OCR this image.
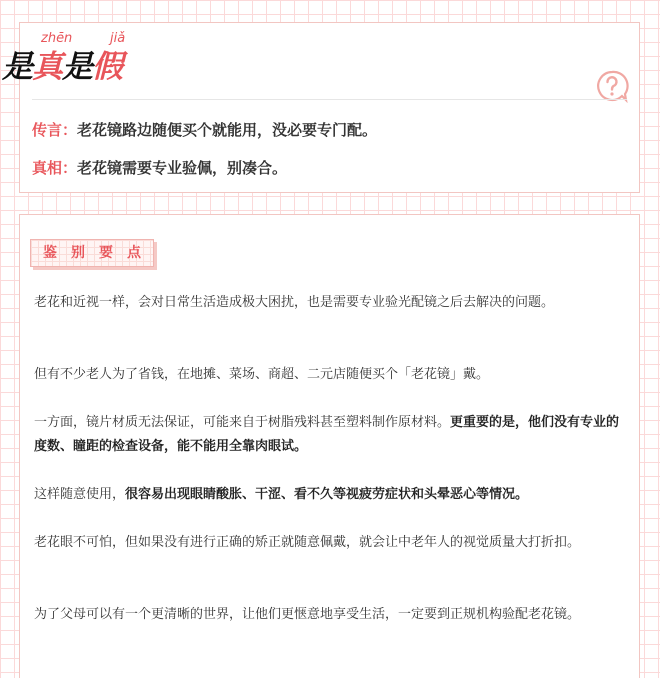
zhēn	jiǎ
是 真 是 假
传言：老花镜路边随便买个就能用，没必要专门配。
真相：老花镜需要专业验佩，别凑合。
鉴	别	要	点

老花和近视一样，会对日常生活造成极大困扰，也是需要专业验光配镜之后去解决的问题。

但有不少老人为了省钱，在地摊、菜场、商超、二元店随便买个「老花镜」戴。

一方面，镜片材质无法保证，可能来自于树脂残料甚至塑料制作原材料。更重要的是，他们没有专业的度数、瞳距的检查设备，能不能用全靠肉眼试。

这样随意使用，很容易出现眼睛酸胀、干涩、看不久等视疲劳症状和头晕恶心等情况。

老花眼不可怕，但如果没有进行正确的矫正就随意佩戴，就会让中老年人的视觉质量大打折扣。

为了父母可以有一个更清晰的世界，让他们更惬意地享受生活，一定要到正规机构验配老花镜。
